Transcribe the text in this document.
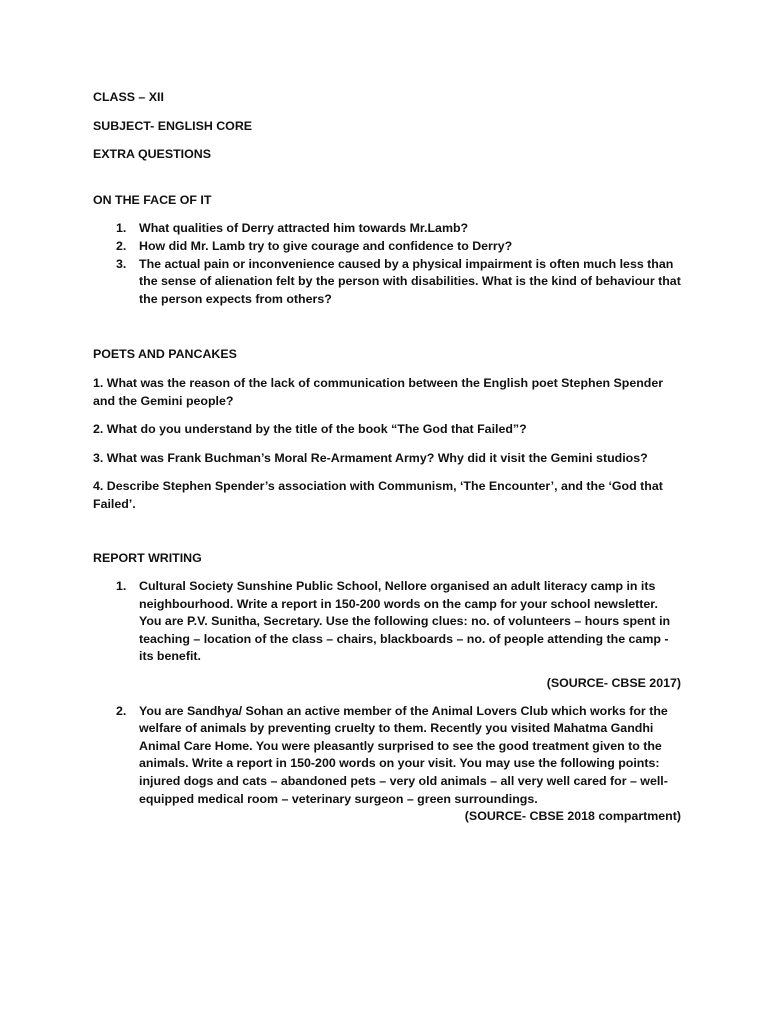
CLASS – XII

SUBJECT- ENGLISH CORE

EXTRA QUESTIONS

ON THE FACE OF IT

1. What qualities of Derry attracted him towards Mr.Lamb?
2. How did Mr. Lamb try to give courage and confidence to Derry?
3. The actual pain or inconvenience caused by a physical impairment is often much less than the sense of alienation felt by the person with disabilities. What is the kind of behaviour that the person expects from others?

POETS AND PANCAKES

1. What was the reason of the lack of communication between the English poet Stephen Spender and the Gemini people?

2. What do you understand by the title of the book “The God that Failed”?

3. What was Frank Buchman’s Moral Re-Armament Army? Why did it visit the Gemini studios?

4. Describe Stephen Spender’s association with Communism, ‘The Encounter’, and the ‘God that Failed’.

REPORT WRITING

1. Cultural Society Sunshine Public School, Nellore organised an adult literacy camp in its neighbourhood. Write a report in 150-200 words on the camp for your school newsletter. You are P.V. Sunitha, Secretary. Use the following clues: no. of volunteers – hours spent in teaching – location of the class – chairs, blackboards – no. of people attending the camp - its benefit.

(SOURCE- CBSE 2017)

2. You are Sandhya/ Sohan an active member of the Animal Lovers Club which works for the welfare of animals by preventing cruelty to them. Recently you visited Mahatma Gandhi Animal Care Home. You were pleasantly surprised to see the good treatment given to the animals. Write a report in 150-200 words on your visit. You may use the following points: injured dogs and cats – abandoned pets – very old animals – all very well cared for – well-equipped medical room – veterinary surgeon – green surroundings.

(SOURCE- CBSE 2018 compartment)
